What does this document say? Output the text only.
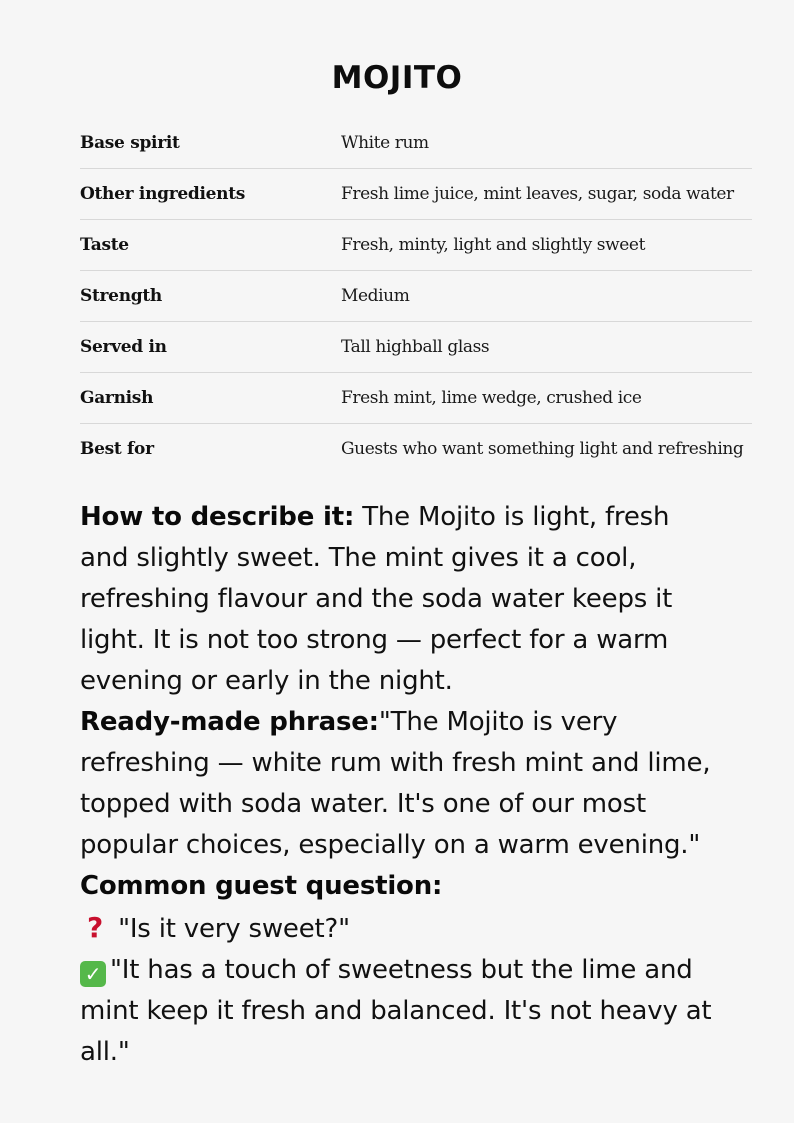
MOJITO
Base spirit	White rum
Other ingredients	Fresh lime juice, mint leaves, sugar, soda water
Taste	Fresh, minty, light and slightly sweet
Strength	Medium
Served in	Tall highball glass
Garnish	Fresh mint, lime wedge, crushed ice
Best for	Guests who want something light and refreshing

How to describe it: The Mojito is light, fresh and slightly sweet. The mint gives it a cool, refreshing flavour and the soda water keeps it light. It is not too strong — perfect for a warm evening or early in the night.

Ready-made phrase:"The Mojito is very refreshing — white rum with fresh mint and lime, topped with soda water. It's one of our most popular choices, especially on a warm evening."

Common guest question:

? "Is it very sweet?"

✓ "It has a touch of sweetness but the lime and mint keep it fresh and balanced. It's not heavy at all."
